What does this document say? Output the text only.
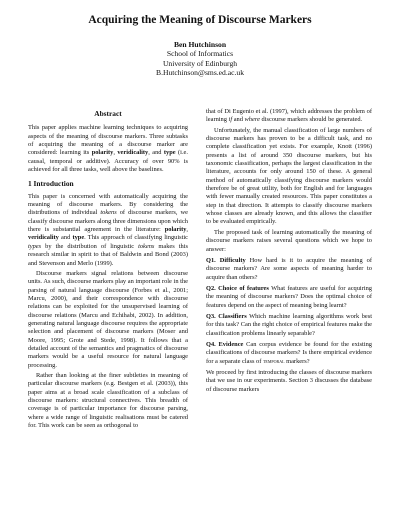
Acquiring the Meaning of Discourse Markers
Ben Hutchinson
School of Informatics
University of Edinburgh
B.Hutchinson@sms.ed.ac.uk
Abstract

This paper applies machine learning techniques to acquiring aspects of the meaning of discourse markers. Three subtasks of acquiring the meaning of a discourse marker are considered: learning its polarity, veridicality, and type (i.e. causal, temporal or additive). Accuracy of over 90% is achieved for all three tasks, well above the baselines.

1 Introduction

This paper is concerned with automatically acquiring the meaning of discourse markers. By considering the distributions of individual tokens of discourse markers, we classify discourse markers along three dimensions upon which there is substantial agreement in the literature: polarity, veridicality and type. This approach of classifying linguistic types by the distribution of linguistic tokens makes this research similar in spirit to that of Baldwin and Bond (2003) and Stevenson and Merlo (1999).

Discourse markers signal relations between discourse units. As such, discourse markers play an important role in the parsing of natural language discourse (Forbes et al., 2001; Marcu, 2000), and their correspondence with discourse relations can be exploited for the unsupervised learning of discourse relations (Marcu and Echihabi, 2002). In addition, generating natural language discourse requires the appropriate selection and placement of discourse markers (Moser and Moore, 1995; Grote and Stede, 1998). It follows that a detailed account of the semantics and pragmatics of discourse markers would be a useful resource for natural language processing.

Rather than looking at the finer subtleties in meaning of particular discourse markers (e.g. Bestgen et al. (2003)), this paper aims at a broad scale classification of a subclass of discourse markers: structural connectives. This breadth of coverage is of particular importance for discourse parsing, where a wide range of linguistic realisations must be catered for. This work can be seen as orthogonal to

that of Di Eugenio et al. (1997), which addresses the problem of learning if and where discourse markers should be generated.

Unfortunately, the manual classification of large numbers of discourse markers has proven to be a difficult task, and no complete classification yet exists. For example, Knott (1996) presents a list of around 350 discourse markers, but his taxonomic classification, perhaps the largest classification in the literature, accounts for only around 150 of these. A general method of automatically classifying discourse markers would therefore be of great utility, both for English and for languages with fewer manually created resources. This paper constitutes a step in that direction. It attempts to classify discourse markers whose classes are already known, and this allows the classifier to be evaluated empirically.

The proposed task of learning automatically the meaning of discourse markers raises several questions which we hope to answer:

Q1. Difficulty How hard is it to acquire the meaning of discourse markers? Are some aspects of meaning harder to acquire than others?
Q2. Choice of features What features are useful for acquiring the meaning of discourse markers? Does the optimal choice of features depend on the aspect of meaning being learnt?
Q3. Classifiers Which machine learning algorithms work best for this task? Can the right choice of empirical features make the classification problems linearly separable?
Q4. Evidence Can corpus evidence be found for the existing classifications of discourse markers? Is there empirical evidence for a separate class of temporal markers?

We proceed by first introducing the classes of discourse markers that we use in our experiments. Section 3 discusses the database of discourse markers
